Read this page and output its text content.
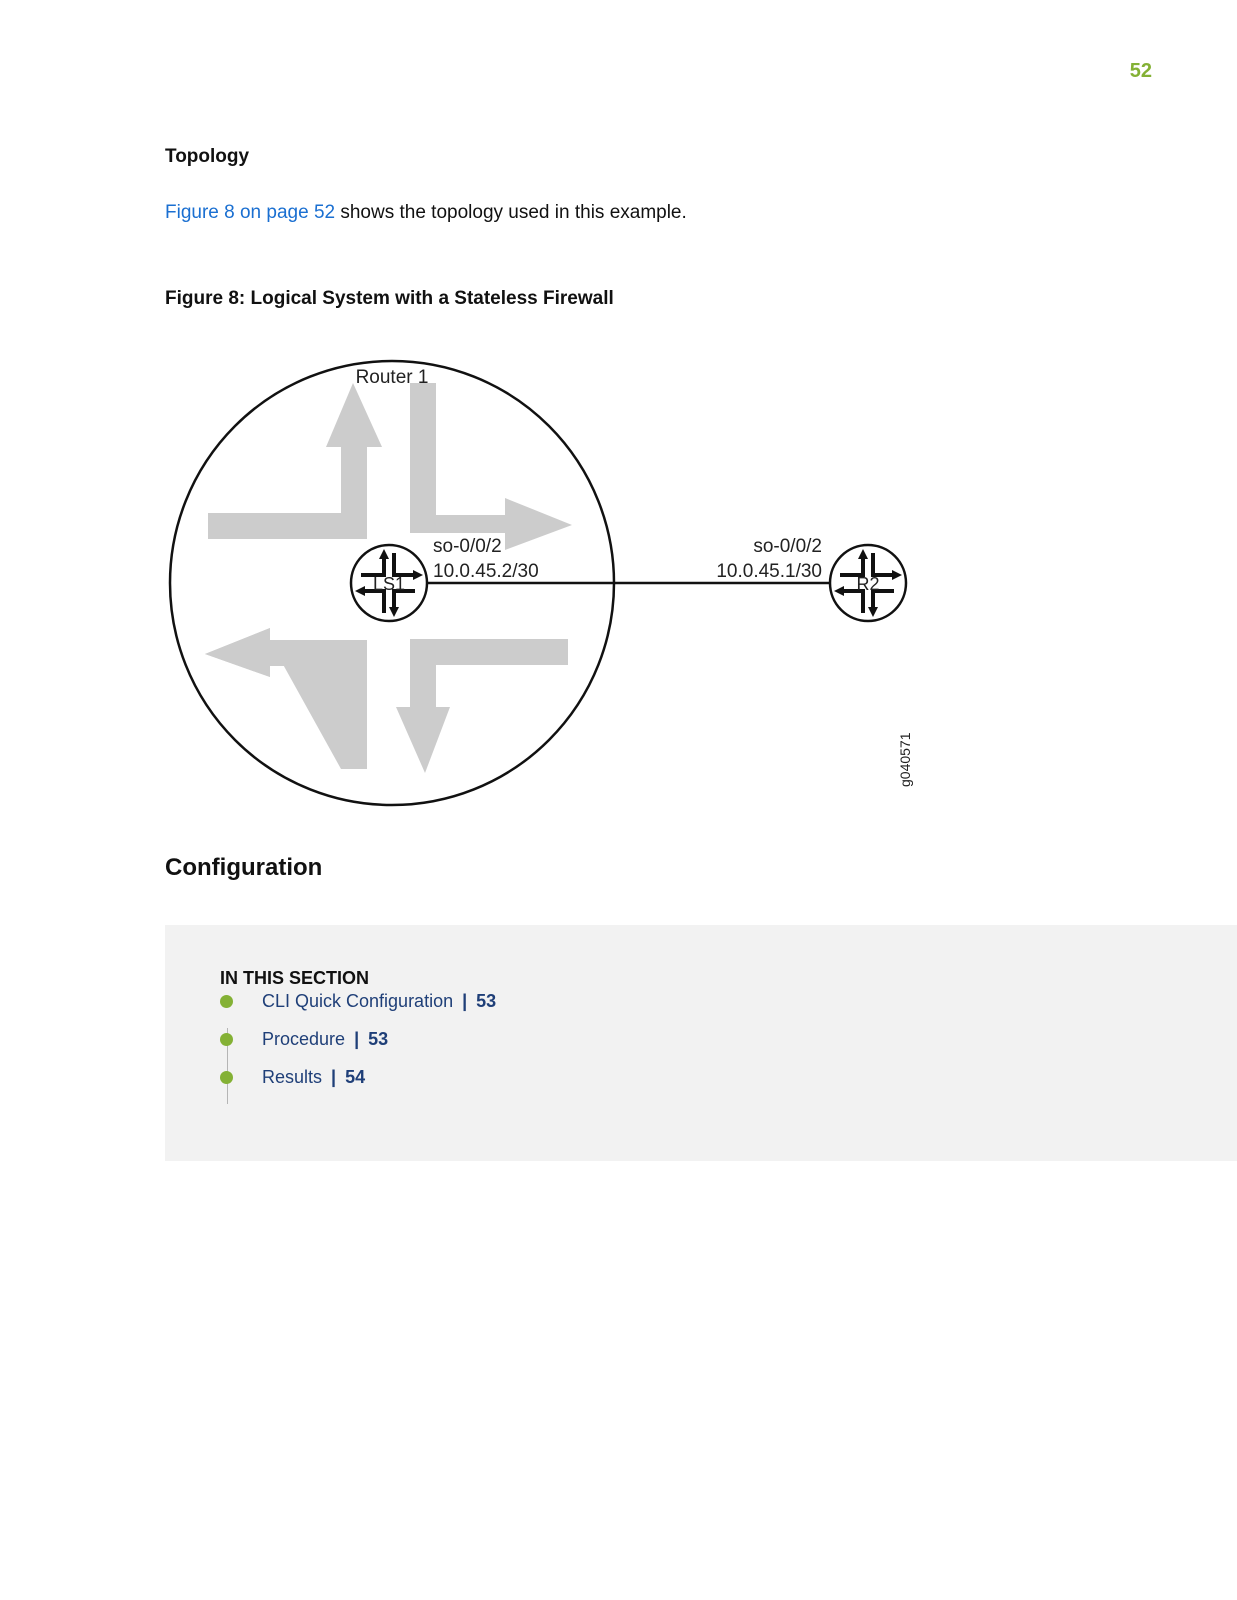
52
Topology
Figure 8 on page 52 shows the topology used in this example.
Figure 8: Logical System with a Stateless Firewall
Router 1
LS1	R2
so-0/0/2
10.0.45.2/30
so-0/0/2
10.0.45.1/30
g040571
Configuration
IN THIS SECTION
CLI Quick Configuration | 53
Procedure | 53
Results | 54
